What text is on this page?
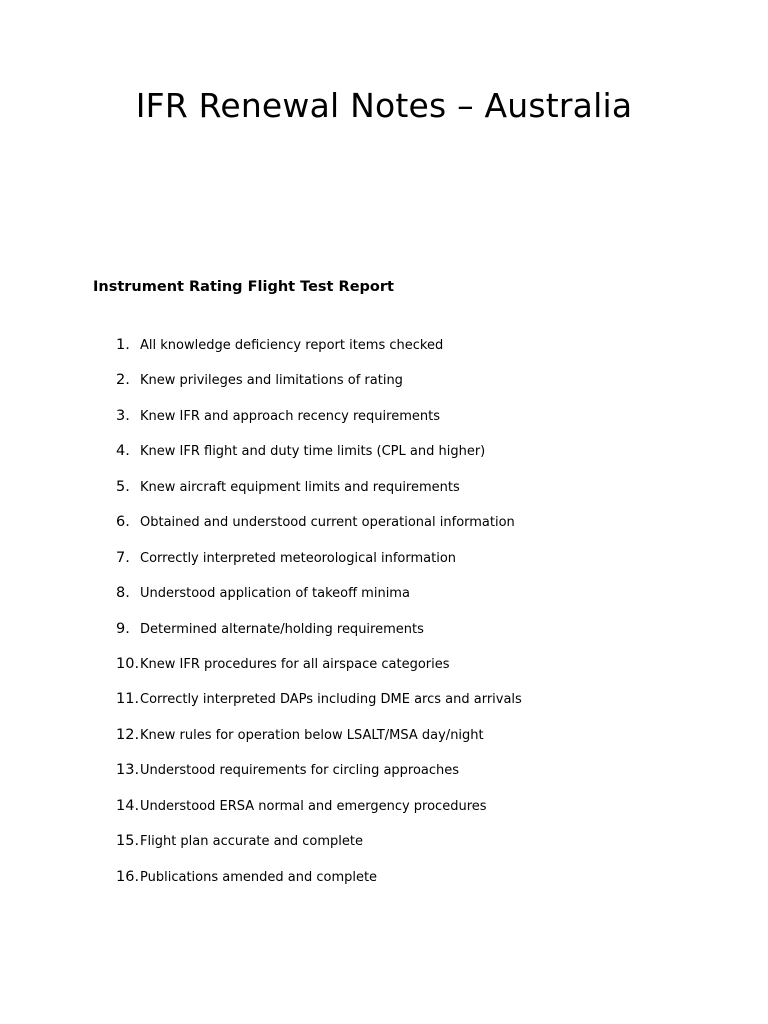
IFR Renewal Notes – Australia
Instrument Rating Flight Test Report
1. All knowledge deficiency report items checked
2. Knew privileges and limitations of rating
3. Knew IFR and approach recency requirements
4. Knew IFR flight and duty time limits (CPL and higher)
5. Knew aircraft equipment limits and requirements
6. Obtained and understood current operational information
7. Correctly interpreted meteorological information
8. Understood application of takeoff minima
9. Determined alternate/holding requirements
10. Knew IFR procedures for all airspace categories
11. Correctly interpreted DAPs including DME arcs and arrivals
12. Knew rules for operation below LSALT/MSA day/night
13. Understood requirements for circling approaches
14. Understood ERSA normal and emergency procedures
15. Flight plan accurate and complete
16. Publications amended and complete
